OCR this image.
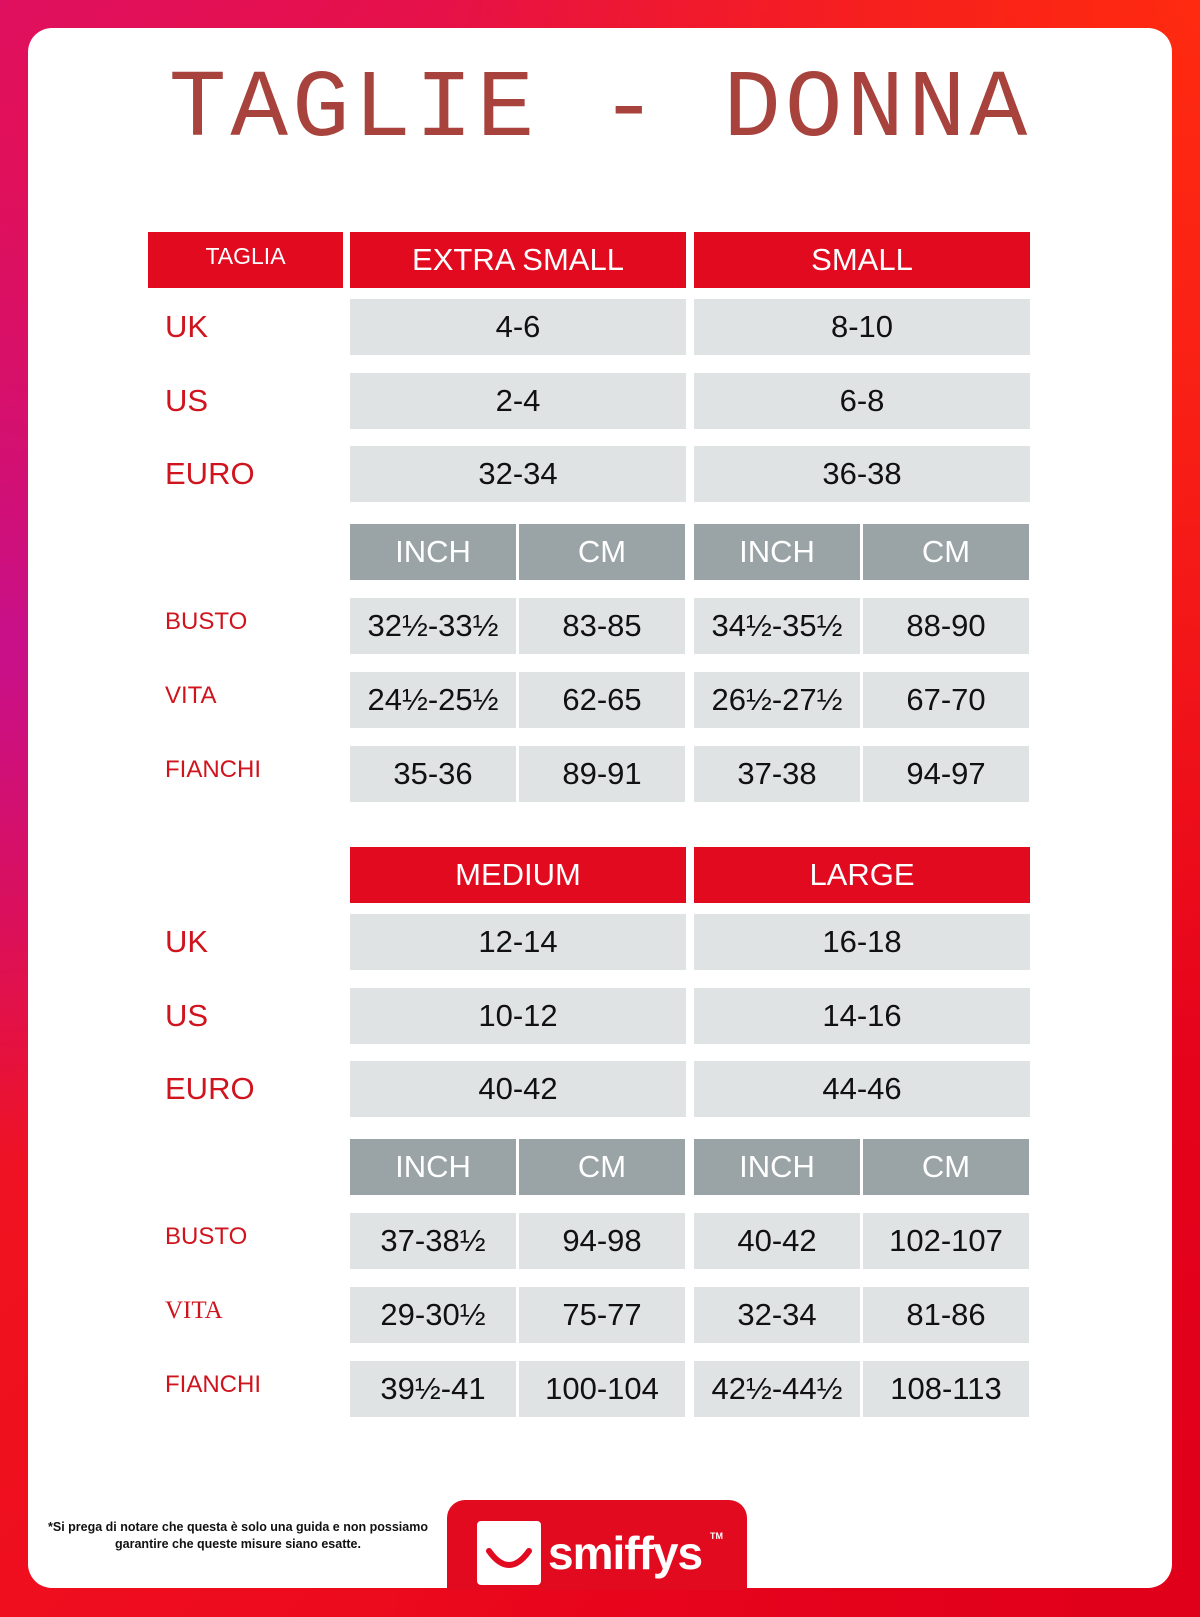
TAGLIE - DONNA
TAGLIA	EXTRA SMALL	SMALL
UK	4-6	8-10
US	2-4	6-8
EURO	32-34	36-38
INCH	CM	INCH	CM
BUSTO	32½-33½	83-85	34½-35½	88-90
VITA	24½-25½	62-65	26½-27½	67-70
FIANCHI	35-36	89-91	37-38	94-97
MEDIUM	LARGE
UK	12-14	16-18
US	10-12	14-16
EURO	40-42	44-46
INCH	CM	INCH	CM
BUSTO	37-38½	94-98	40-42	102-107
VITA	29-30½	75-77	32-34	81-86
FIANCHI	39½-41	100-104	42½-44½	108-113
*Si prega di notare che questa è solo una guida e non possiamo garantire che queste misure siano esatte.	smiffys TM
